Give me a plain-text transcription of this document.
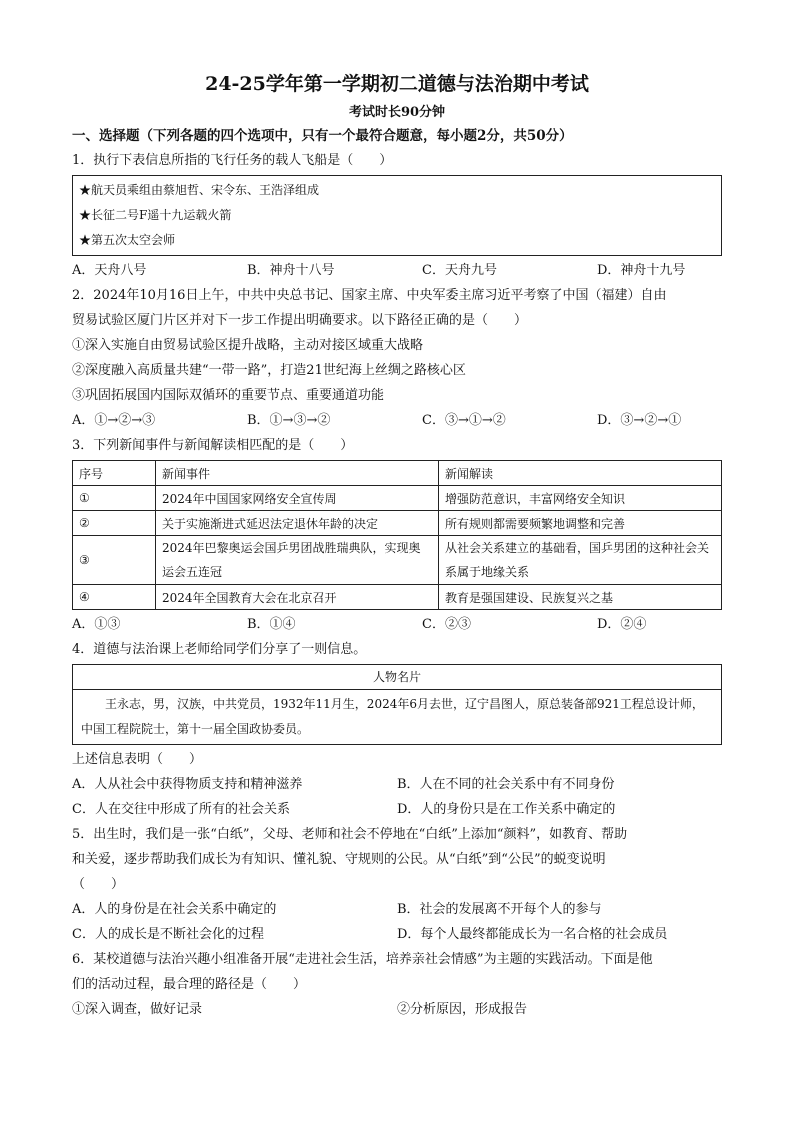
24-25学年第一学期初二道德与法治期中考试
考试时长90分钟
一、选择题（下列各题的四个选项中，只有一个最符合题意，每小题2分，共50分）
1．执行下表信息所指的飞行任务的载人飞船是（　　）
★航天员乘组由蔡旭哲、宋令东、王浩泽组成
★长征二号F遥十九运载火箭
★第五次太空会师
A．天舟八号	B．神舟十八号	C．天舟九号	D．神舟十九号
2．2024年10月16日上午，中共中央总书记、国家主席、中央军委主席习近平考察了中国（福建）自由
贸易试验区厦门片区并对下一步工作提出明确要求。以下路径正确的是（　　）
①深入实施自由贸易试验区提升战略，主动对接区域重大战略
②深度融入高质量共建“一带一路”，打造21世纪海上丝绸之路核心区
③巩固拓展国内国际双循环的重要节点、重要通道功能
A．①→②→③	B．①→③→②	C．③→①→②	D．③→②→①
3．下列新闻事件与新闻解读相匹配的是（　　）
序号	新闻事件	新闻解读
①	2024年中国国家网络安全宣传周	增强防范意识，丰富网络安全知识
②	关于实施渐进式延迟法定退休年龄的决定	所有规则都需要频繁地调整和完善
③	2024年巴黎奥运会国乒男团战胜瑞典队，实现奥运会五连冠	从社会关系建立的基础看，国乒男团的这种社会关系属于地缘关系
④	2024年全国教育大会在北京召开	教育是强国建设、民族复兴之基
A．①③	B．①④	C．②③	D．②④
4．道德与法治课上老师给同学们分享了一则信息。
人物名片
王永志，男，汉族，中共党员，1932年11月生，2024年6月去世，辽宁昌图人，原总装备部921工程总设计师，中国工程院院士，第十一届全国政协委员。
上述信息表明（　　）
A．人从社会中获得物质支持和精神滋养	B．人在不同的社会关系中有不同身份
C．人在交往中形成了所有的社会关系	D．人的身份只是在工作关系中确定的
5．出生时，我们是一张“白纸”，父母、老师和社会不停地在“白纸”上添加“颜料”，如教育、帮助
和关爱，逐步帮助我们成长为有知识、懂礼貌、守规则的公民。从“白纸”到“公民”的蜕变说明
（　　）
A．人的身份是在社会关系中确定的	B．社会的发展离不开每个人的参与
C．人的成长是不断社会化的过程	D．每个人最终都能成长为一名合格的社会成员
6．某校道德与法治兴趣小组准备开展“走进社会生活，培养亲社会情感”为主题的实践活动。下面是他
们的活动过程，最合理的路径是（　　）
①深入调查，做好记录	②分析原因，形成报告
